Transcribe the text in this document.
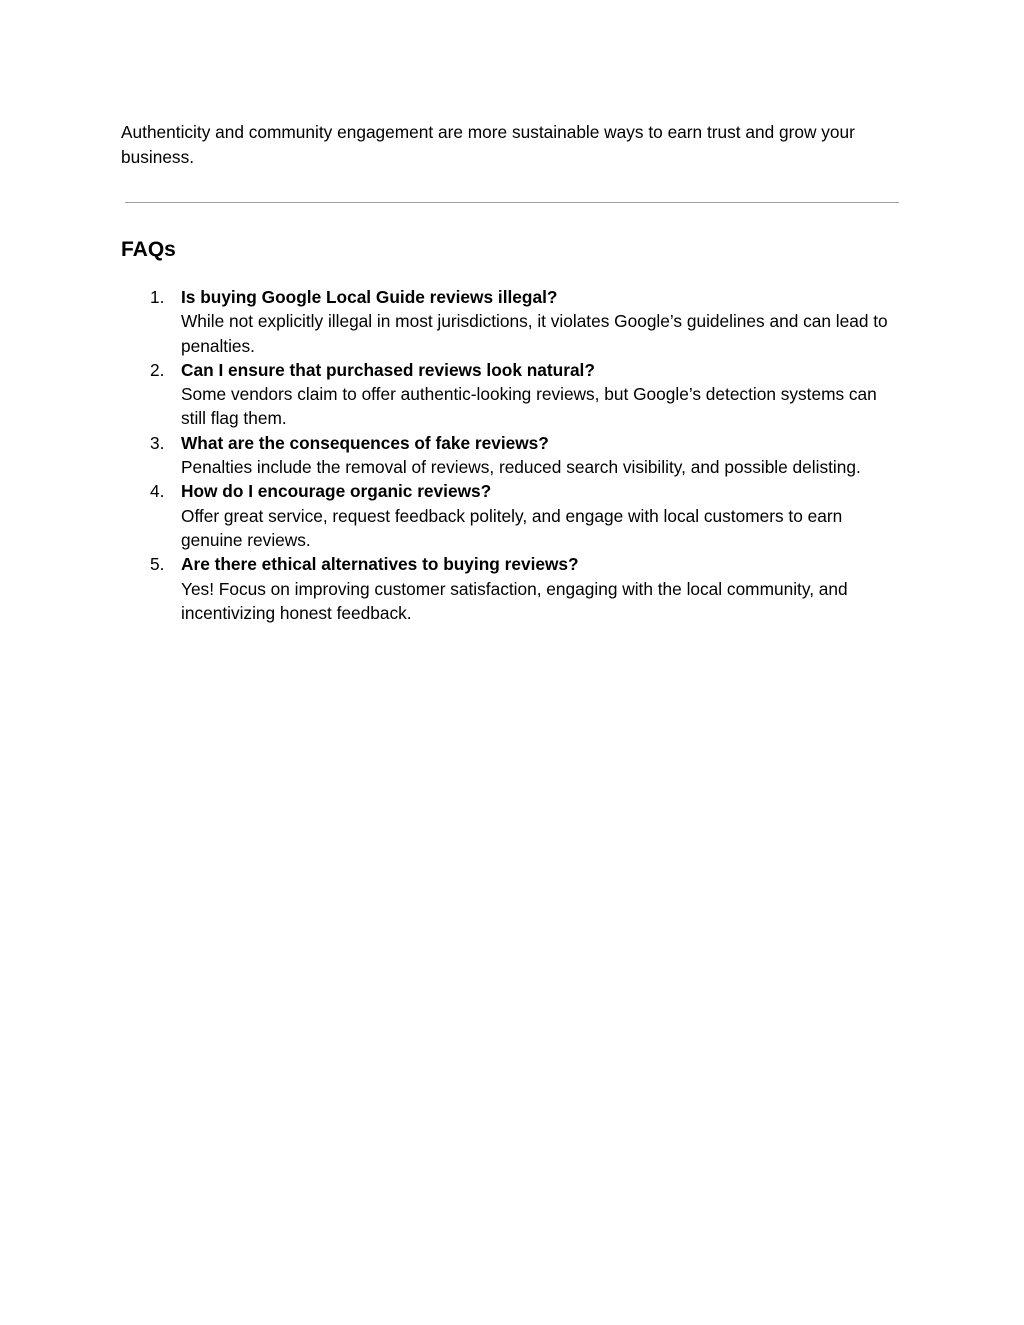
Authenticity and community engagement are more sustainable ways to earn trust and grow your business.

FAQs
1. Is buying Google Local Guide reviews illegal?
While not explicitly illegal in most jurisdictions, it violates Google’s guidelines and can lead to penalties.
2. Can I ensure that purchased reviews look natural?
Some vendors claim to offer authentic-looking reviews, but Google’s detection systems can still flag them.
3. What are the consequences of fake reviews?
Penalties include the removal of reviews, reduced search visibility, and possible delisting.
4. How do I encourage organic reviews?
Offer great service, request feedback politely, and engage with local customers to earn genuine reviews.
5. Are there ethical alternatives to buying reviews?
Yes! Focus on improving customer satisfaction, engaging with the local community, and incentivizing honest feedback.
